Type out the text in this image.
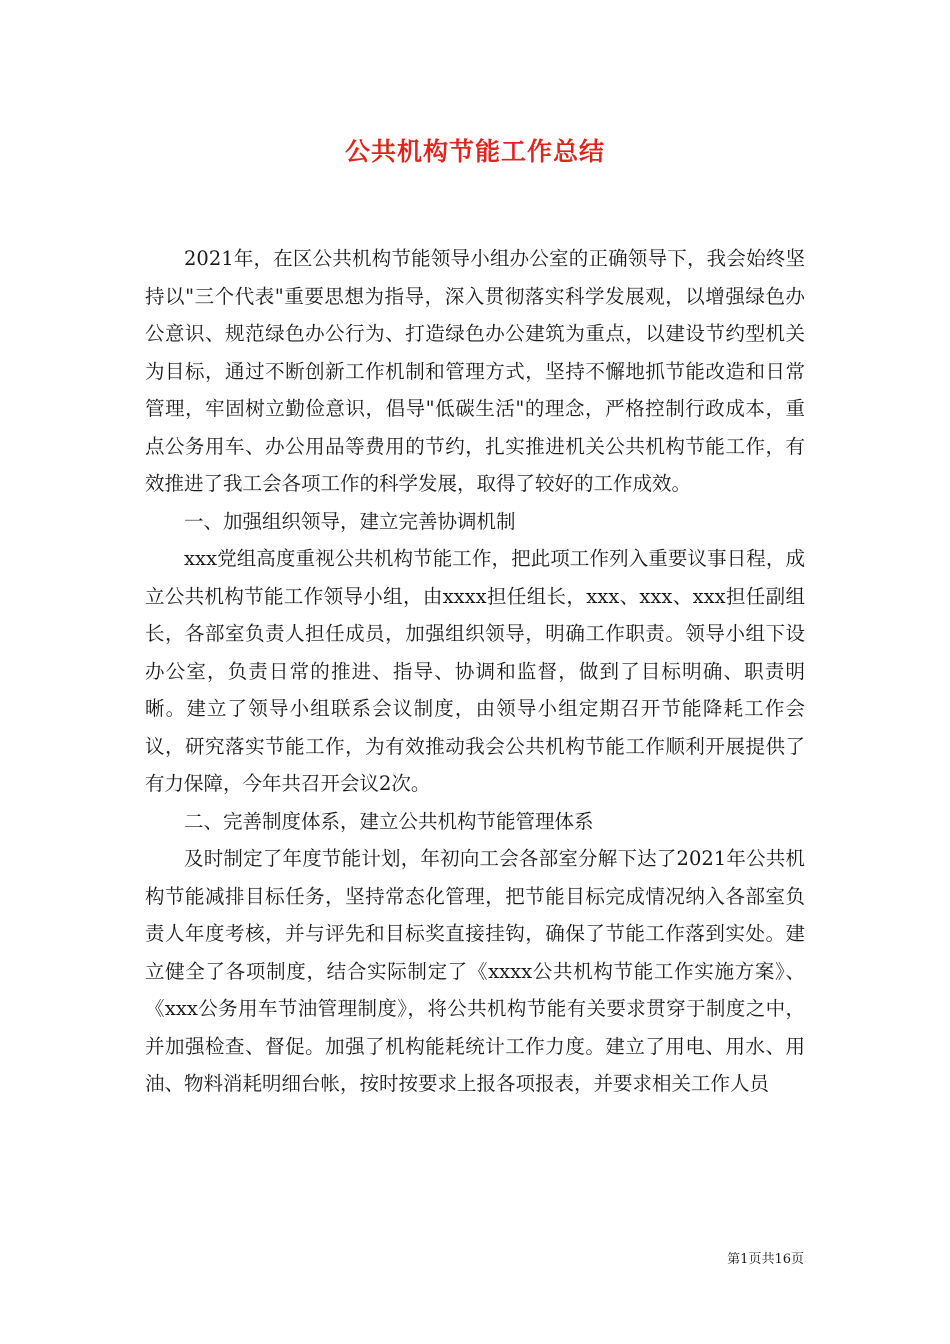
公共机构节能工作总结

2021年，在区公共机构节能领导小组办公室的正确领导下，我会始终坚持以"三个代表"重要思想为指导，深入贯彻落实科学发展观，以增强绿色办公意识、规范绿色办公行为、打造绿色办公建筑为重点，以建设节约型机关为目标，通过不断创新工作机制和管理方式，坚持不懈地抓节能改造和日常管理，牢固树立勤俭意识，倡导"低碳生活"的理念，严格控制行政成本，重点公务用车、办公用品等费用的节约，扎实推进机关公共机构节能工作，有效推进了我工会各项工作的科学发展，取得了较好的工作成效。

一、加强组织领导，建立完善协调机制

xxx党组高度重视公共机构节能工作，把此项工作列入重要议事日程，成立公共机构节能工作领导小组，由xxxx担任组长，xxx、xxx、xxx担任副组长，各部室负责人担任成员，加强组织领导，明确工作职责。领导小组下设办公室，负责日常的推进、指导、协调和监督，做到了目标明确、职责明晰。建立了领导小组联系会议制度，由领导小组定期召开节能降耗工作会议，研究落实节能工作，为有效推动我会公共机构节能工作顺利开展提供了有力保障，今年共召开会议2次。

二、完善制度体系，建立公共机构节能管理体系

及时制定了年度节能计划，年初向工会各部室分解下达了2021年公共机构节能减排目标任务，坚持常态化管理，把节能目标完成情况纳入各部室负责人年度考核，并与评先和目标奖直接挂钩，确保了节能工作落到实处。建立健全了各项制度，结合实际制定了《xxxx公共机构节能工作实施方案》、《xxx公务用车节油管理制度》，将公共机构节能有关要求贯穿于制度之中，并加强检查、督促。加强了机构能耗统计工作力度。建立了用电、用水、用油、物料消耗明细台帐，按时按要求上报各项报表，并要求相关工作人员

第1页共16页
